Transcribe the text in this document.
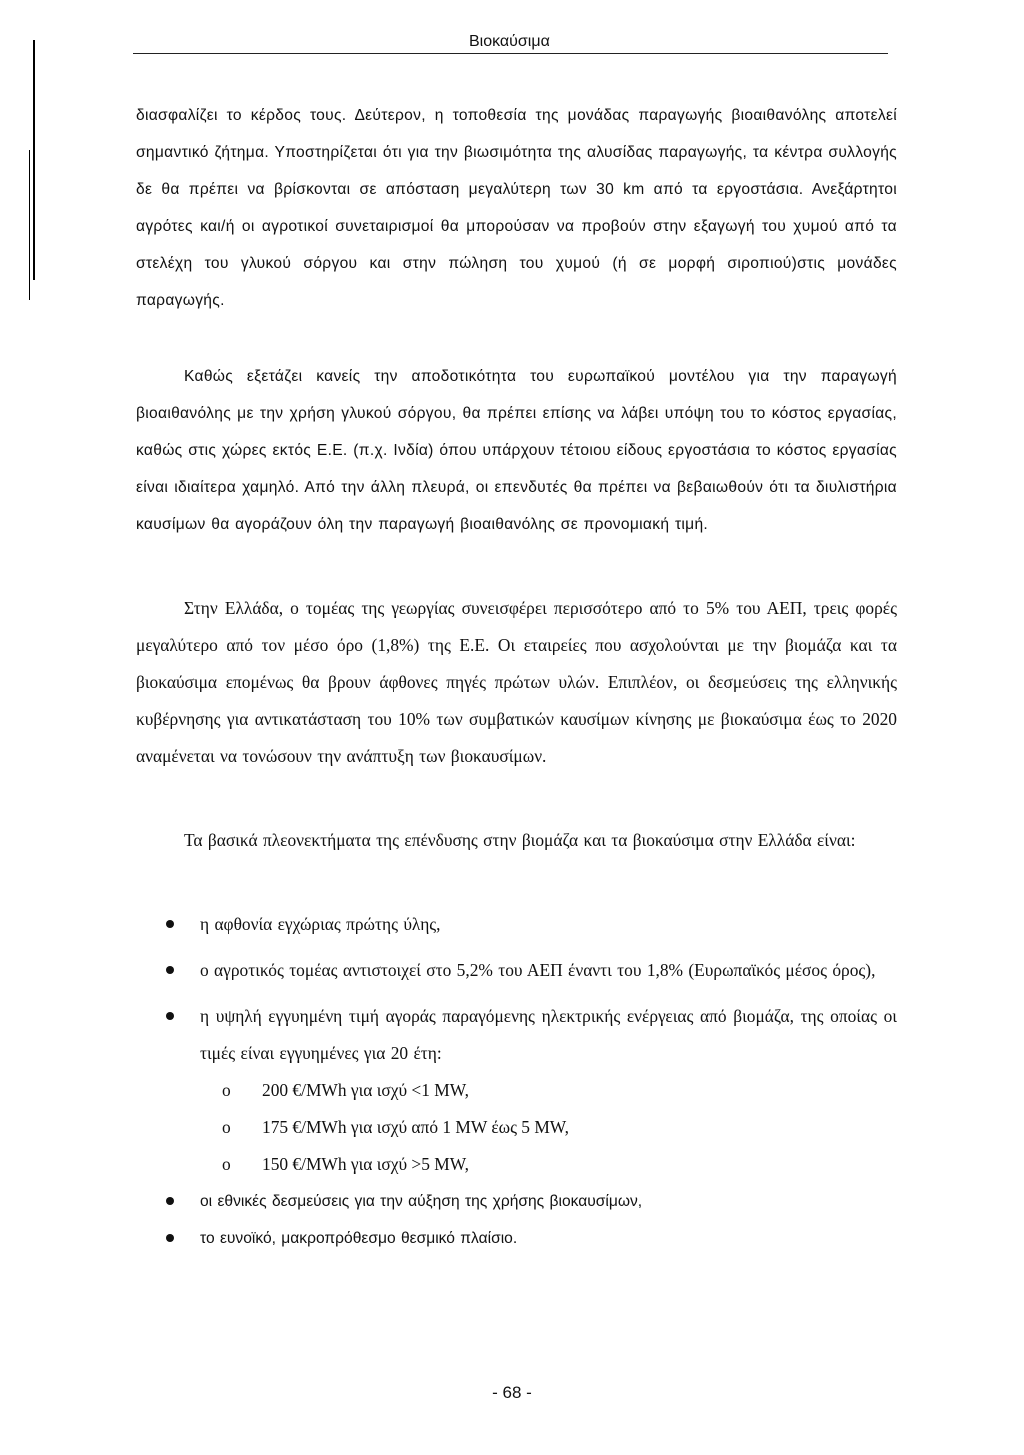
Βιοκαύσιμα

διασφαλίζει το κέρδος τους. Δεύτερον, η τοποθεσία της μονάδας παραγωγής βιοαιθανόλης αποτελεί σημαντικό ζήτημα. Υποστηρίζεται ότι για την βιωσιμότητα της αλυσίδας παραγωγής, τα κέντρα συλλογής δε θα πρέπει να βρίσκονται σε απόσταση μεγαλύτερη των 30 km από τα εργοστάσια. Ανεξάρτητοι αγρότες και/ή οι αγροτικοί συνεταιρισμοί θα μπορούσαν να προβούν στην εξαγωγή του χυμού από τα στελέχη του γλυκού σόργου και στην πώληση του χυμού (ή σε μορφή σιροπιού)στις μονάδες παραγωγής.

Καθώς εξετάζει κανείς την αποδοτικότητα του ευρωπαϊκού μοντέλου για την παραγωγή βιοαιθανόλης με την χρήση γλυκού σόργου, θα πρέπει επίσης να λάβει υπόψη του το κόστος εργασίας, καθώς στις χώρες εκτός Ε.Ε. (π.χ. Ινδία) όπου υπάρχουν τέτοιου είδους εργοστάσια το κόστος εργασίας είναι ιδιαίτερα χαμηλό. Από την άλλη πλευρά, οι επενδυτές θα πρέπει να βεβαιωθούν ότι τα διυλιστήρια καυσίμων θα αγοράζουν όλη την παραγωγή βιοαιθανόλης σε προνομιακή τιμή.

Στην Ελλάδα, ο τομέας της γεωργίας συνεισφέρει περισσότερο από το 5% του ΑΕΠ, τρεις φορές μεγαλύτερο από τον μέσο όρο (1,8%) της Ε.Ε. Οι εταιρείες που ασχολούνται με την βιομάζα και τα βιοκαύσιμα επομένως θα βρουν άφθονες πηγές πρώτων υλών. Επιπλέον, οι δεσμεύσεις της ελληνικής κυβέρνησης για αντικατάσταση του 10% των συμβατικών καυσίμων κίνησης με βιοκαύσιμα έως το 2020 αναμένεται να τονώσουν την ανάπτυξη των βιοκαυσίμων.

Τα βασικά πλεονεκτήματα της επένδυσης στην βιομάζα και τα βιοκαύσιμα στην Ελλάδα είναι:

η αφθονία εγχώριας πρώτης ύλης,
ο αγροτικός τομέας αντιστοιχεί στο 5,2% του ΑΕΠ έναντι του 1,8% (Ευρωπαϊκός μέσος όρος),
η υψηλή εγγυημένη τιμή αγοράς παραγόμενης ηλεκτρικής ενέργειας από βιομάζα, της οποίας οι τιμές είναι εγγυημένες για 20 έτη:
o 200 €/MWh για ισχύ <1 MW,
o 175 €/MWh για ισχύ από 1 MW έως 5 MW,
o 150 €/MWh για ισχύ >5 MW,
οι εθνικές δεσμεύσεις για την αύξηση της χρήσης βιοκαυσίμων,
το ευνοϊκό, μακροπρόθεσμο θεσμικό πλαίσιο.
- 68 -
